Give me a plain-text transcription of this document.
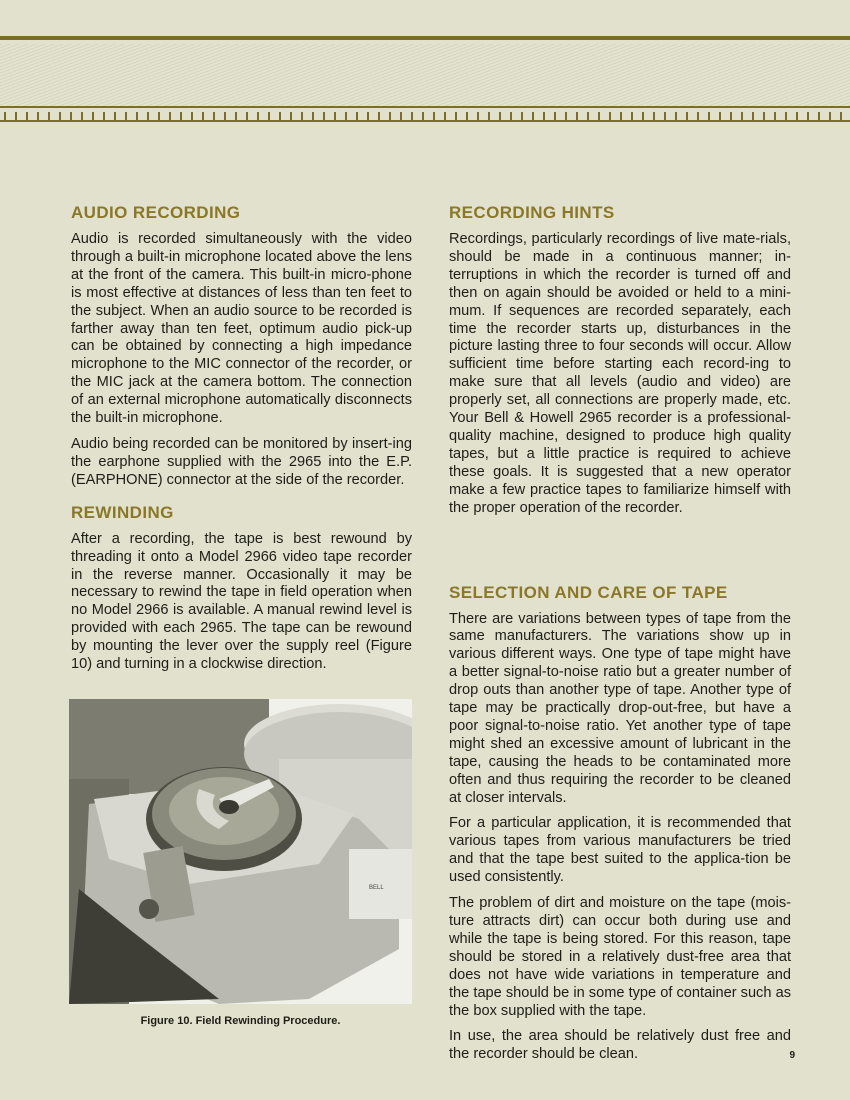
AUDIO RECORDING

Audio is recorded simultaneously with the video through a built-in microphone located above the lens at the front of the camera. This built-in micro-phone is most effective at distances of less than ten feet to the subject. When an audio source to be recorded is farther away than ten feet, optimum audio pick-up can be obtained by connecting a high impedance microphone to the MIC connector of the recorder, or the MIC jack at the camera bottom. The connection of an external microphone automatically disconnects the built-in microphone.

Audio being recorded can be monitored by insert-ing the earphone supplied with the 2965 into the E.P. (EARPHONE) connector at the side of the recorder.

REWINDING

After a recording, the tape is best rewound by threading it onto a Model 2966 video tape recorder in the reverse manner. Occasionally it may be necessary to rewind the tape in field operation when no Model 2966 is available. A manual rewind level is provided with each 2965. The tape can be rewound by mounting the lever over the supply reel (Figure 10) and turning in a clockwise direction.

BELL
Figure 10. Field Rewinding Procedure.
RECORDING HINTS

Recordings, particularly recordings of live mate-rials, should be made in a continuous manner; in-terruptions in which the recorder is turned off and then on again should be avoided or held to a mini-mum. If sequences are recorded separately, each time the recorder starts up, disturbances in the picture lasting three to four seconds will occur. Allow sufficient time before starting each record-ing to make sure that all levels (audio and video) are properly set, all connections are properly made, etc. Your Bell & Howell 2965 recorder is a professional-quality machine, designed to produce high quality tapes, but a little practice is required to achieve these goals. It is suggested that a new operator make a few practice tapes to familiarize himself with the proper operation of the recorder.

SELECTION AND CARE OF TAPE

There are variations between types of tape from the same manufacturers. The variations show up in various different ways. One type of tape might have a better signal-to-noise ratio but a greater number of drop outs than another type of tape. Another type of tape may be practically drop-out-free, but have a poor signal-to-noise ratio. Yet another type of tape might shed an excessive amount of lubricant in the tape, causing the heads to be contaminated more often and thus requiring the recorder to be cleaned at closer intervals.

For a particular application, it is recommended that various tapes from various manufacturers be tried and that the tape best suited to the applica-tion be used consistently.

The problem of dirt and moisture on the tape (mois-ture attracts dirt) can occur both during use and while the tape is being stored. For this reason, tape should be stored in a relatively dust-free area that does not have wide variations in temperature and the tape should be in some type of container such as the box supplied with the tape.

In use, the area should be relatively dust free and the recorder should be clean.	9
